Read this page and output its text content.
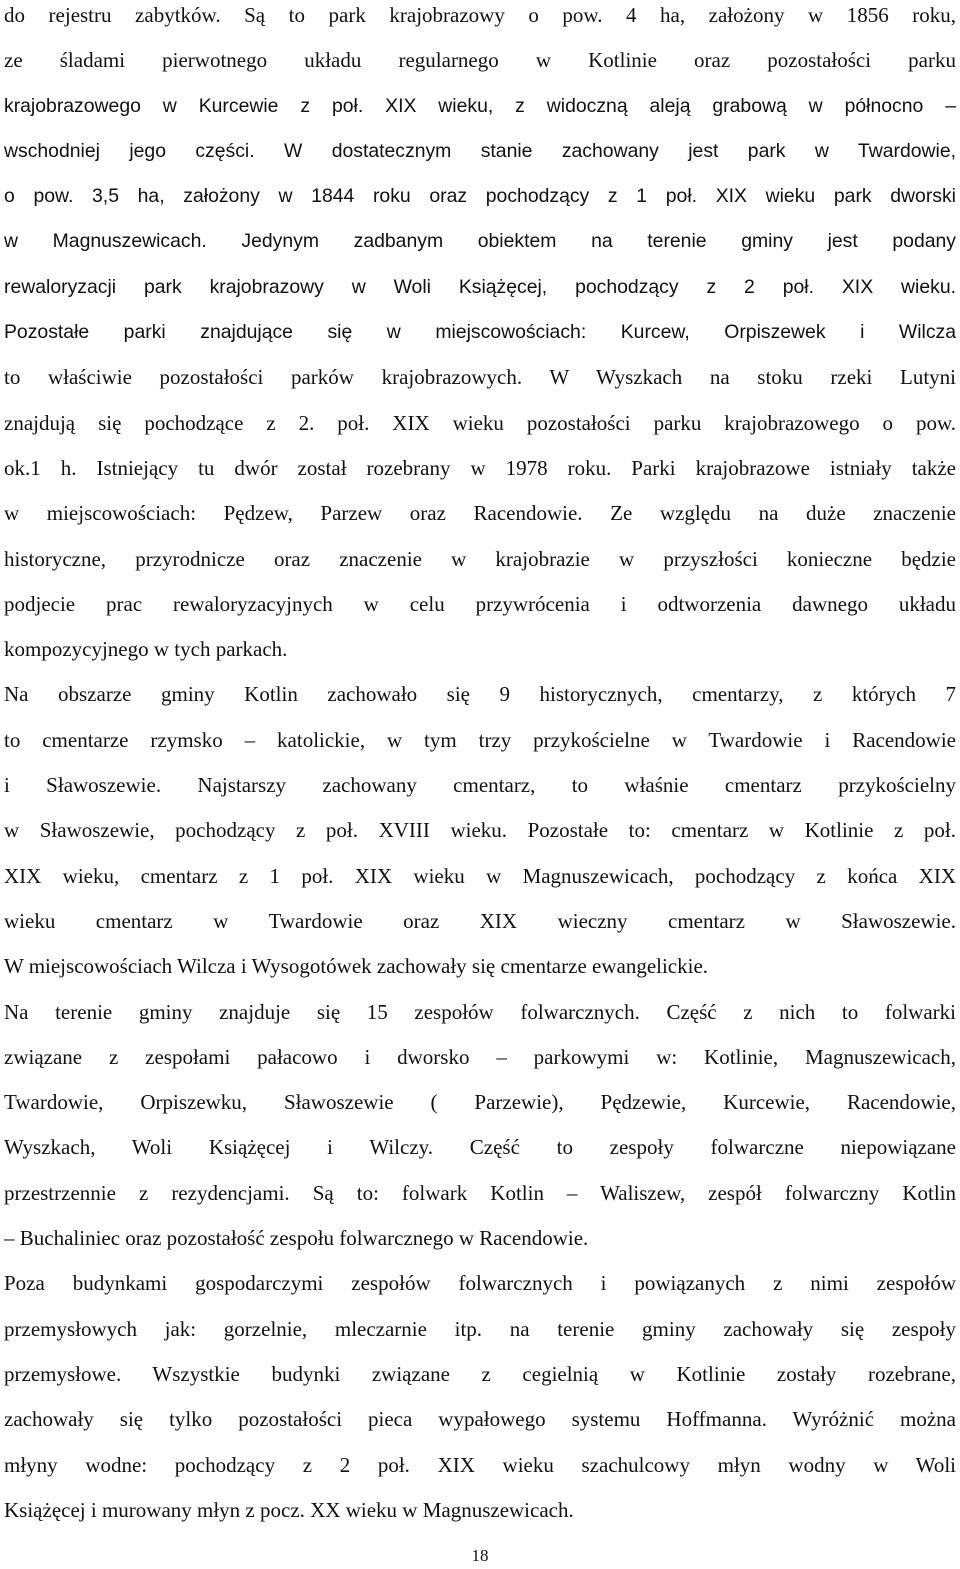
do rejestru zabytków. Są to park krajobrazowy o pow. 4 ha, założony w 1856 roku,
ze śladami pierwotnego układu regularnego w Kotlinie oraz pozostałości parku
krajobrazowego w Kurcewie z poł. XIX wieku, z widoczną aleją grabową w północno –
wschodniej jego części. W dostatecznym stanie zachowany jest park w Twardowie,
o pow. 3,5 ha, założony w 1844 roku oraz pochodzący z 1 poł. XIX wieku park dworski
w Magnuszewicach. Jedynym zadbanym obiektem na terenie gminy jest podany
rewaloryzacji park krajobrazowy w Woli Książęcej, pochodzący z 2 poł. XIX wieku.
Pozostałe parki znajdujące się w miejscowościach: Kurcew, Orpiszewek i Wilcza
to właściwie pozostałości parków krajobrazowych. W Wyszkach na stoku rzeki Lutyni
znajdują się pochodzące z 2. poł. XIX wieku pozostałości parku krajobrazowego o pow.
ok.1 h. Istniejący tu dwór został rozebrany w 1978 roku. Parki krajobrazowe istniały także
w miejscowościach: Pędzew, Parzew oraz Racendowie. Ze względu na duże znaczenie
historyczne, przyrodnicze oraz znaczenie w krajobrazie w przyszłości konieczne będzie
podjecie prac rewaloryzacyjnych w celu przywrócenia i odtworzenia dawnego układu
kompozycyjnego w tych parkach.
Na obszarze gminy Kotlin zachowało się 9 historycznych, cmentarzy, z których 7
to cmentarze rzymsko – katolickie, w tym trzy przykościelne w Twardowie i Racendowie
i Sławoszewie. Najstarszy zachowany cmentarz, to właśnie cmentarz przykościelny
w Sławoszewie, pochodzący z poł. XVIII wieku. Pozostałe to: cmentarz w Kotlinie z poł.
XIX wieku, cmentarz z 1 poł. XIX wieku w Magnuszewicach, pochodzący z końca XIX
wieku cmentarz w Twardowie oraz XIX wieczny cmentarz w Sławoszewie.
W miejscowościach Wilcza i Wysogotówek zachowały się cmentarze ewangelickie.
Na terenie gminy znajduje się 15 zespołów folwarcznych. Część z nich to folwarki
związane z zespołami pałacowo i dworsko – parkowymi w: Kotlinie, Magnuszewicach,
Twardowie, Orpiszewku, Sławoszewie ( Parzewie), Pędzewie, Kurcewie, Racendowie,
Wyszkach, Woli Książęcej i Wilczy. Część to zespoły folwarczne niepowiązane
przestrzennie z rezydencjami. Są to: folwark Kotlin – Waliszew, zespół folwarczny Kotlin
– Buchaliniec oraz pozostałość zespołu folwarcznego w Racendowie.
Poza budynkami gospodarczymi zespołów folwarcznych i powiązanych z nimi zespołów
przemysłowych jak: gorzelnie, mleczarnie itp. na terenie gminy zachowały się zespoły
przemysłowe. Wszystkie budynki związane z cegielnią w Kotlinie zostały rozebrane,
zachowały się tylko pozostałości pieca wypałowego systemu Hoffmanna. Wyróżnić można
młyny wodne: pochodzący z 2 poł. XIX wieku szachulcowy młyn wodny w Woli
Książęcej i murowany młyn z pocz. XX wieku w Magnuszewicach.
18
